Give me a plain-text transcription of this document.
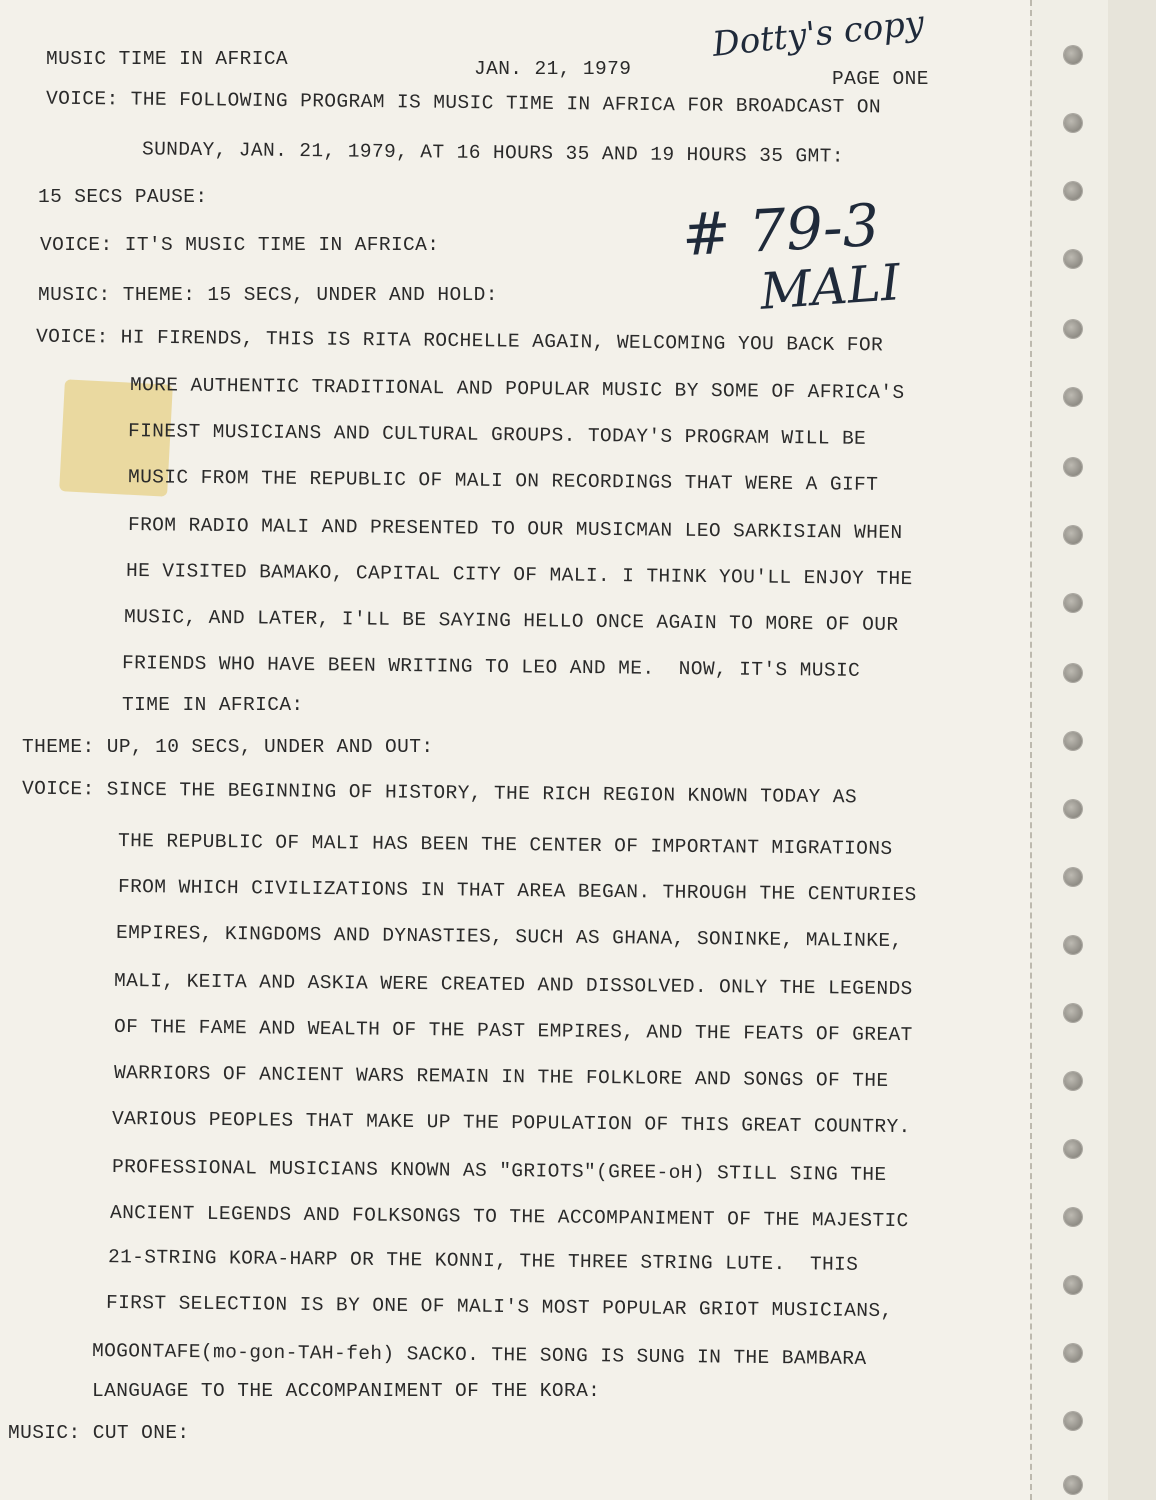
MUSIC TIME IN AFRICA	JAN. 21, 1979	PAGE ONE
Dotty's copy
# 79-3
MALI
VOICE: THE FOLLOWING PROGRAM IS MUSIC TIME IN AFRICA FOR BROADCAST ON
SUNDAY, JAN. 21, 1979, AT 16 HOURS 35 AND 19 HOURS 35 GMT:
15 SECS PAUSE:
VOICE: IT'S MUSIC TIME IN AFRICA:
MUSIC: THEME: 15 SECS, UNDER AND HOLD:
VOICE: HI FIRENDS, THIS IS RITA ROCHELLE AGAIN, WELCOMING YOU BACK FOR
MORE AUTHENTIC TRADITIONAL AND POPULAR MUSIC BY SOME OF AFRICA'S
FINEST MUSICIANS AND CULTURAL GROUPS. TODAY'S PROGRAM WILL BE
MUSIC FROM THE REPUBLIC OF MALI ON RECORDINGS THAT WERE A GIFT
FROM RADIO MALI AND PRESENTED TO OUR MUSICMAN LEO SARKISIAN WHEN
HE VISITED BAMAKO, CAPITAL CITY OF MALI. I THINK YOU'LL ENJOY THE
MUSIC, AND LATER, I'LL BE SAYING HELLO ONCE AGAIN TO MORE OF OUR
FRIENDS WHO HAVE BEEN WRITING TO LEO AND ME.  NOW, IT'S MUSIC
TIME IN AFRICA:
THEME: UP, 10 SECS, UNDER AND OUT:
VOICE: SINCE THE BEGINNING OF HISTORY, THE RICH REGION KNOWN TODAY AS
THE REPUBLIC OF MALI HAS BEEN THE CENTER OF IMPORTANT MIGRATIONS
FROM WHICH CIVILIZATIONS IN THAT AREA BEGAN. THROUGH THE CENTURIES
EMPIRES, KINGDOMS AND DYNASTIES, SUCH AS GHANA, SONINKE, MALINKE,
MALI, KEITA AND ASKIA WERE CREATED AND DISSOLVED. ONLY THE LEGENDS
OF THE FAME AND WEALTH OF THE PAST EMPIRES, AND THE FEATS OF GREAT
WARRIORS OF ANCIENT WARS REMAIN IN THE FOLKLORE AND SONGS OF THE
VARIOUS PEOPLES THAT MAKE UP THE POPULATION OF THIS GREAT COUNTRY.
PROFESSIONAL MUSICIANS KNOWN AS "GRIOTS"(GREE-oH) STILL SING THE
ANCIENT LEGENDS AND FOLKSONGS TO THE ACCOMPANIMENT OF THE MAJESTIC
21-STRING KORA-HARP OR THE KONNI, THE THREE STRING LUTE.  THIS
FIRST SELECTION IS BY ONE OF MALI'S MOST POPULAR GRIOT MUSICIANS,
MOGONTAFE(mo-gon-TAH-feh) SACKO. THE SONG IS SUNG IN THE BAMBARA
LANGUAGE TO THE ACCOMPANIMENT OF THE KORA:
MUSIC: CUT ONE:
